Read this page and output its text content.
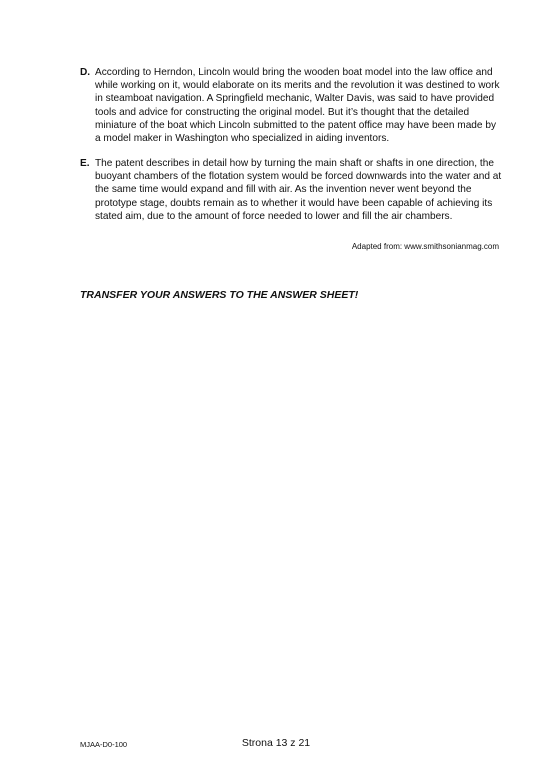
D. According to Herndon, Lincoln would bring the wooden boat model into the law office and while working on it, would elaborate on its merits and the revolution it was destined to work in steamboat navigation. A Springfield mechanic, Walter Davis, was said to have provided tools and advice for constructing the original model. But it’s thought that the detailed miniature of the boat which Lincoln submitted to the patent office may have been made by a model maker in Washington who specialized in aiding inventors.
E. The patent describes in detail how by turning the main shaft or shafts in one direction, the buoyant chambers of the flotation system would be forced downwards into the water and at the same time would expand and fill with air. As the invention never went beyond the prototype stage, doubts remain as to whether it would have been capable of achieving its stated aim, due to the amount of force needed to lower and fill the air chambers.
Adapted from: www.smithsonianmag.com
TRANSFER YOUR ANSWERS TO THE ANSWER SHEET!
MJAA-D0-100	Strona 13 z 21
